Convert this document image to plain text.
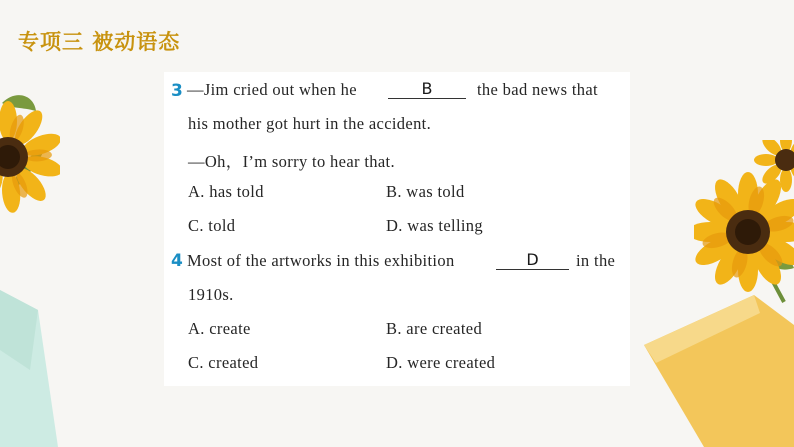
专项三 被动语态
3 —Jim cried out when he	B	the bad news that
his mother got hurt in the accident.
—Oh，I’m sorry to hear that.
A. has told	B. was told
C. told	D. was telling
4 Most of the artworks in this exhibition	D	in the
1910s.
A. create	B. are created
C. created	D. were created
